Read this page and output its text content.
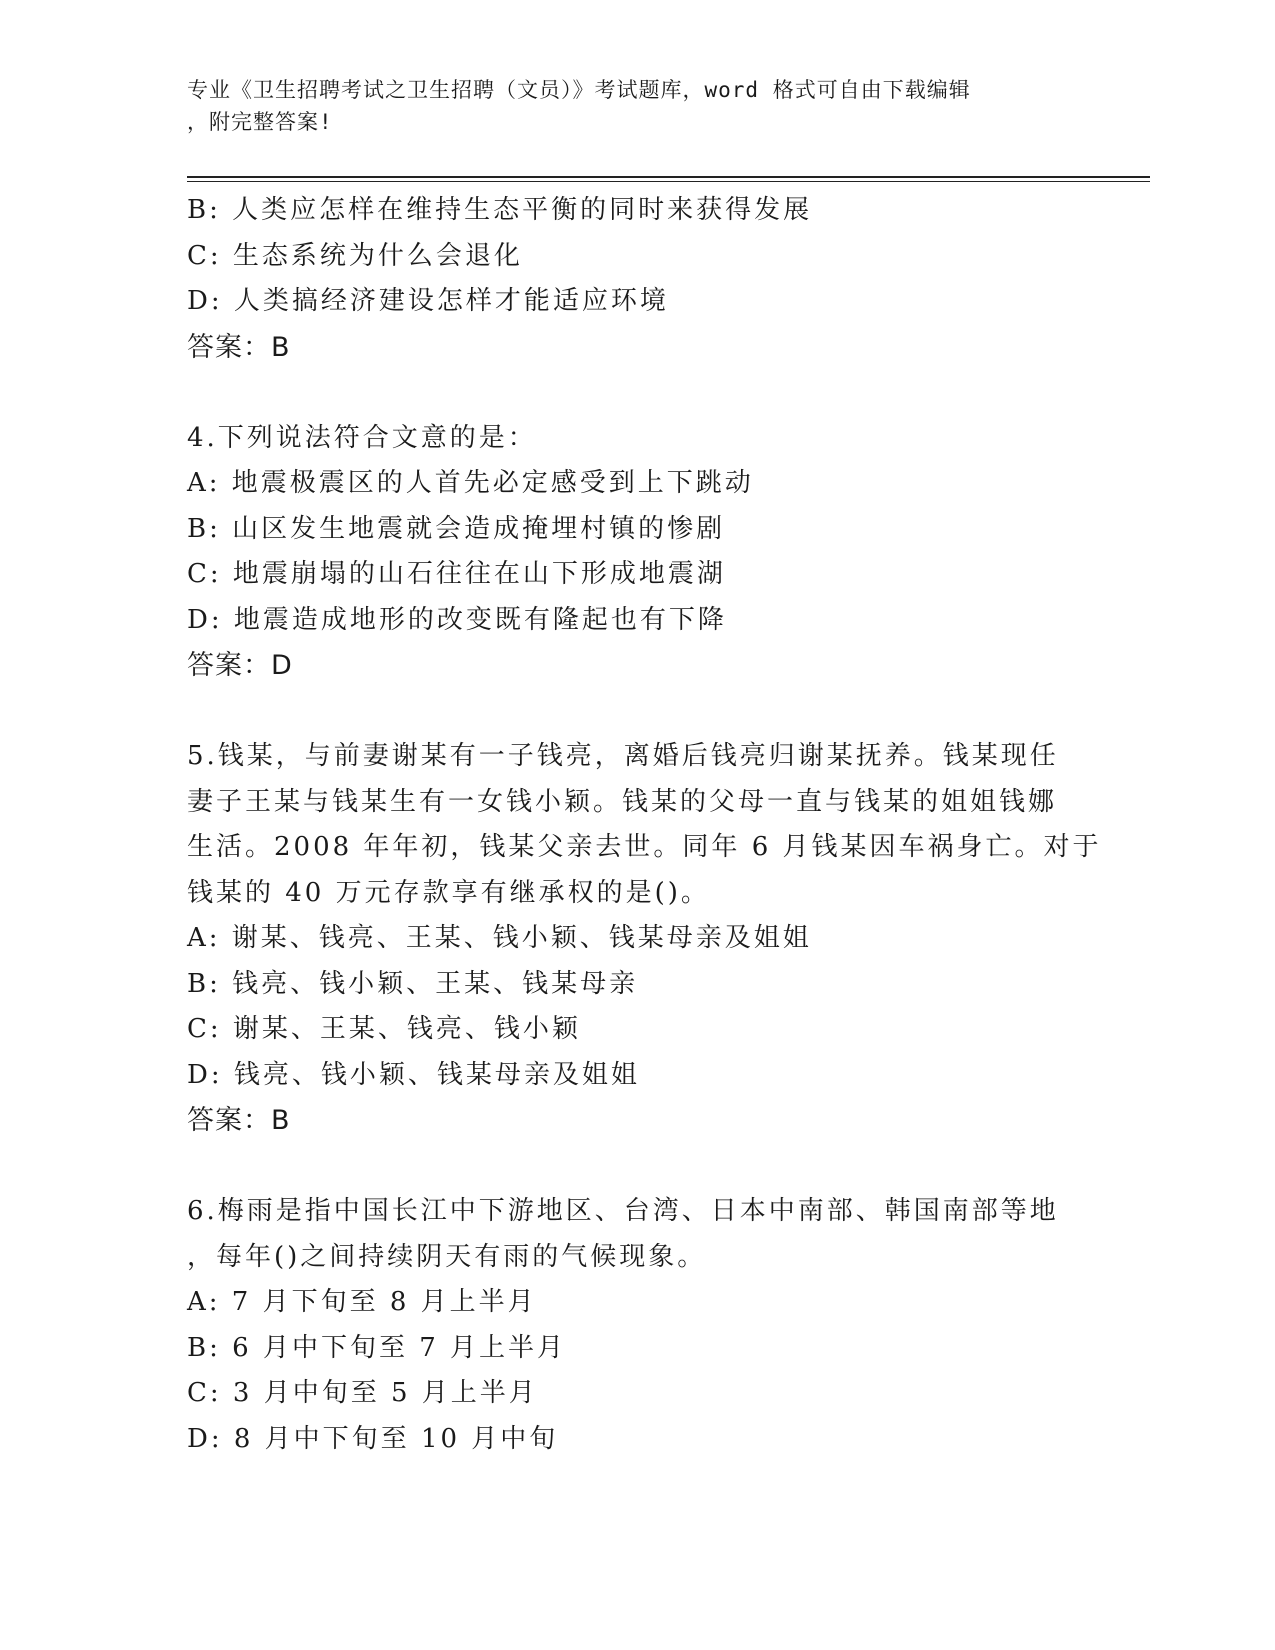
专业《卫生招聘考试之卫生招聘（文员）》考试题库，word 格式可自由下载编辑

，附完整答案!

B: 人类应怎样在维持生态平衡的同时来获得发展

C: 生态系统为什么会退化

D: 人类搞经济建设怎样才能适应环境

答案：B

4.下列说法符合文意的是：

A: 地震极震区的人首先必定感受到上下跳动

B: 山区发生地震就会造成掩埋村镇的惨剧

C: 地震崩塌的山石往往在山下形成地震湖

D: 地震造成地形的改变既有隆起也有下降

答案：D

5.钱某，与前妻谢某有一子钱亮，离婚后钱亮归谢某抚养。钱某现任

妻子王某与钱某生有一女钱小颖。钱某的父母一直与钱某的姐姐钱娜

生活。2008 年年初，钱某父亲去世。同年 6 月钱某因车祸身亡。对于

钱某的 40 万元存款享有继承权的是()。

A: 谢某、钱亮、王某、钱小颖、钱某母亲及姐姐

B: 钱亮、钱小颖、王某、钱某母亲

C: 谢某、王某、钱亮、钱小颖

D: 钱亮、钱小颖、钱某母亲及姐姐

答案：B

6.梅雨是指中国长江中下游地区、台湾、日本中南部、韩国南部等地

，每年()之间持续阴天有雨的气候现象。

A: 7 月下旬至 8 月上半月

B: 6 月中下旬至 7 月上半月

C: 3 月中旬至 5 月上半月

D: 8 月中下旬至 10 月中旬
